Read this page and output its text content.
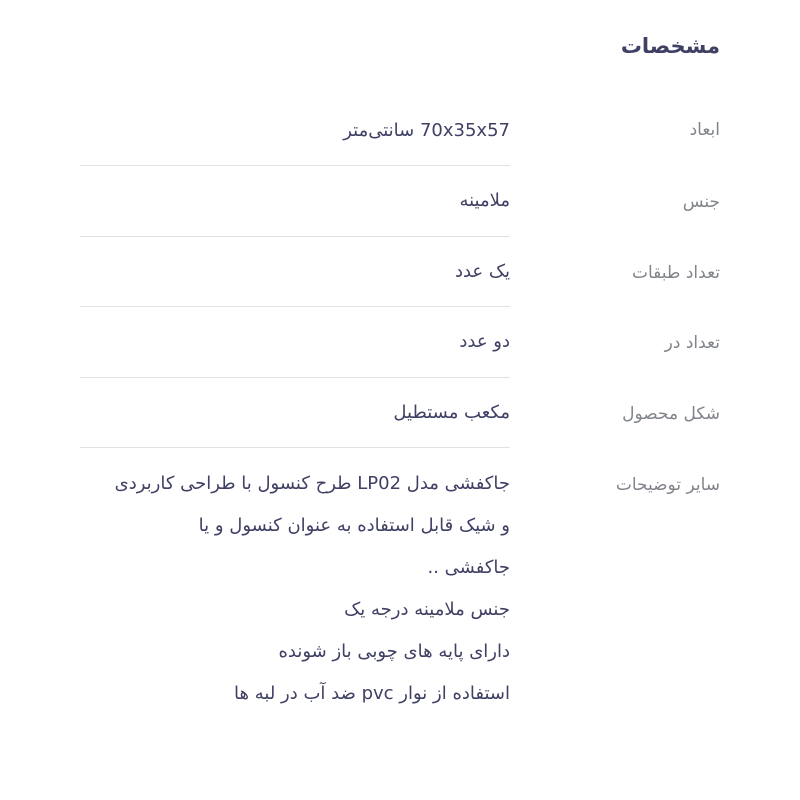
مشخصات
ابعاد
70x35x57 سانتی‌متر
جنس
ملامینه
تعداد طبقات
یک عدد
تعداد در
دو عدد
شکل محصول
مکعب مستطیل
سایر توضیحات
جاکفشی مدل LP02 طرح کنسول با طراحی کاربردی
و شیک قابل استفاده به عنوان کنسول و یا
جاکفشی ..
جنس ملامینه درجه یک
دارای پایه های چوبی باز شونده
استفاده از نوار pvc ضد آب در لبه ها
